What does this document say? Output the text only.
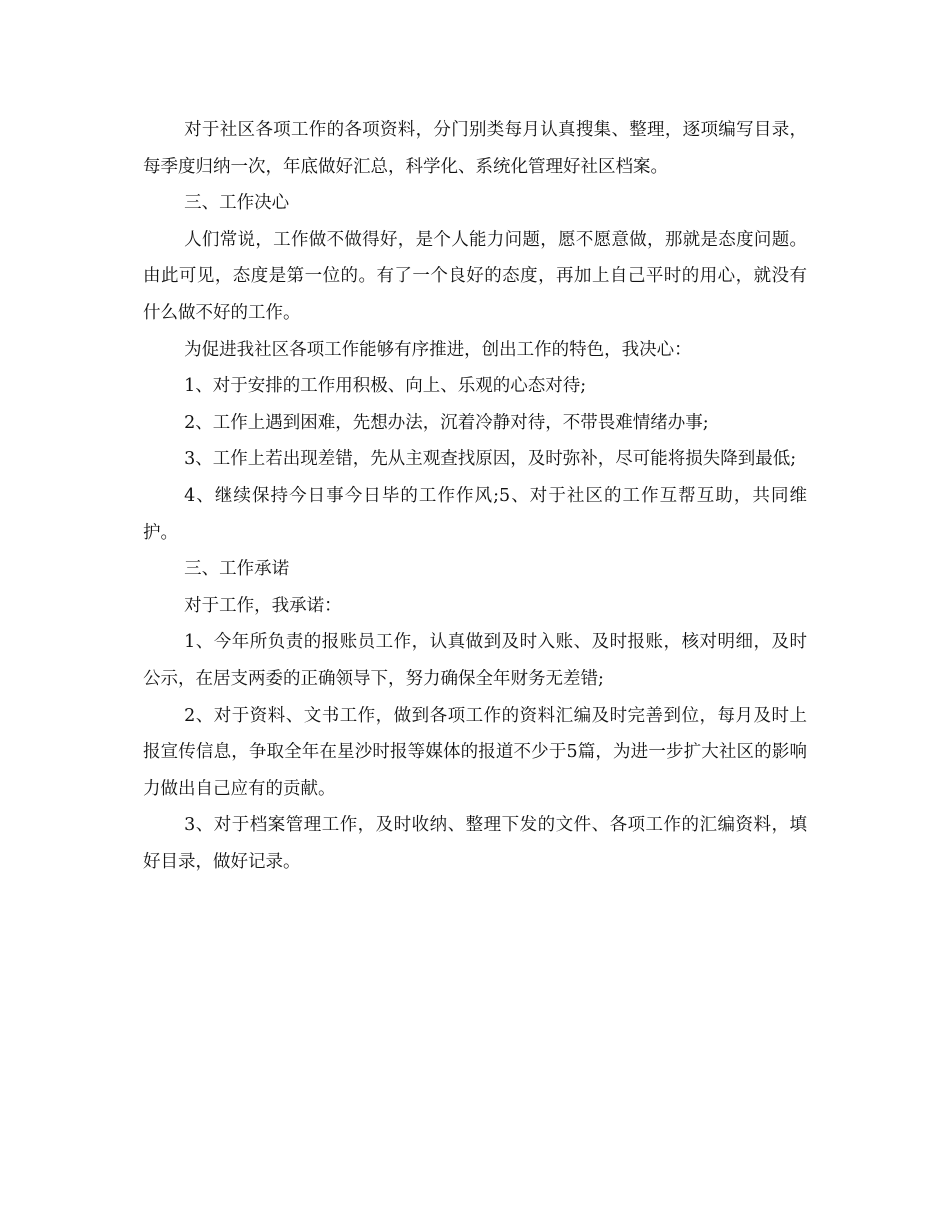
对于社区各项工作的各项资料，分门别类每月认真搜集、整理，逐项编写目录，每季度归纳一次，年底做好汇总，科学化、系统化管理好社区档案。

三、工作决心

人们常说，工作做不做得好，是个人能力问题，愿不愿意做，那就是态度问题。由此可见，态度是第一位的。有了一个良好的态度，再加上自己平时的用心，就没有什么做不好的工作。

为促进我社区各项工作能够有序推进，创出工作的特色，我决心：

1、对于安排的工作用积极、向上、乐观的心态对待;

2、工作上遇到困难，先想办法，沉着冷静对待，不带畏难情绪办事;

3、工作上若出现差错，先从主观查找原因，及时弥补，尽可能将损失降到最低;

4、继续保持今日事今日毕的工作作风;5、对于社区的工作互帮互助，共同维护。

三、工作承诺

对于工作，我承诺：

1、今年所负责的报账员工作，认真做到及时入账、及时报账，核对明细，及时公示，在居支两委的正确领导下，努力确保全年财务无差错;

2、对于资料、文书工作，做到各项工作的资料汇编及时完善到位，每月及时上报宣传信息，争取全年在星沙时报等媒体的报道不少于5篇，为进一步扩大社区的影响力做出自己应有的贡献。

3、对于档案管理工作，及时收纳、整理下发的文件、各项工作的汇编资料，填好目录，做好记录。
